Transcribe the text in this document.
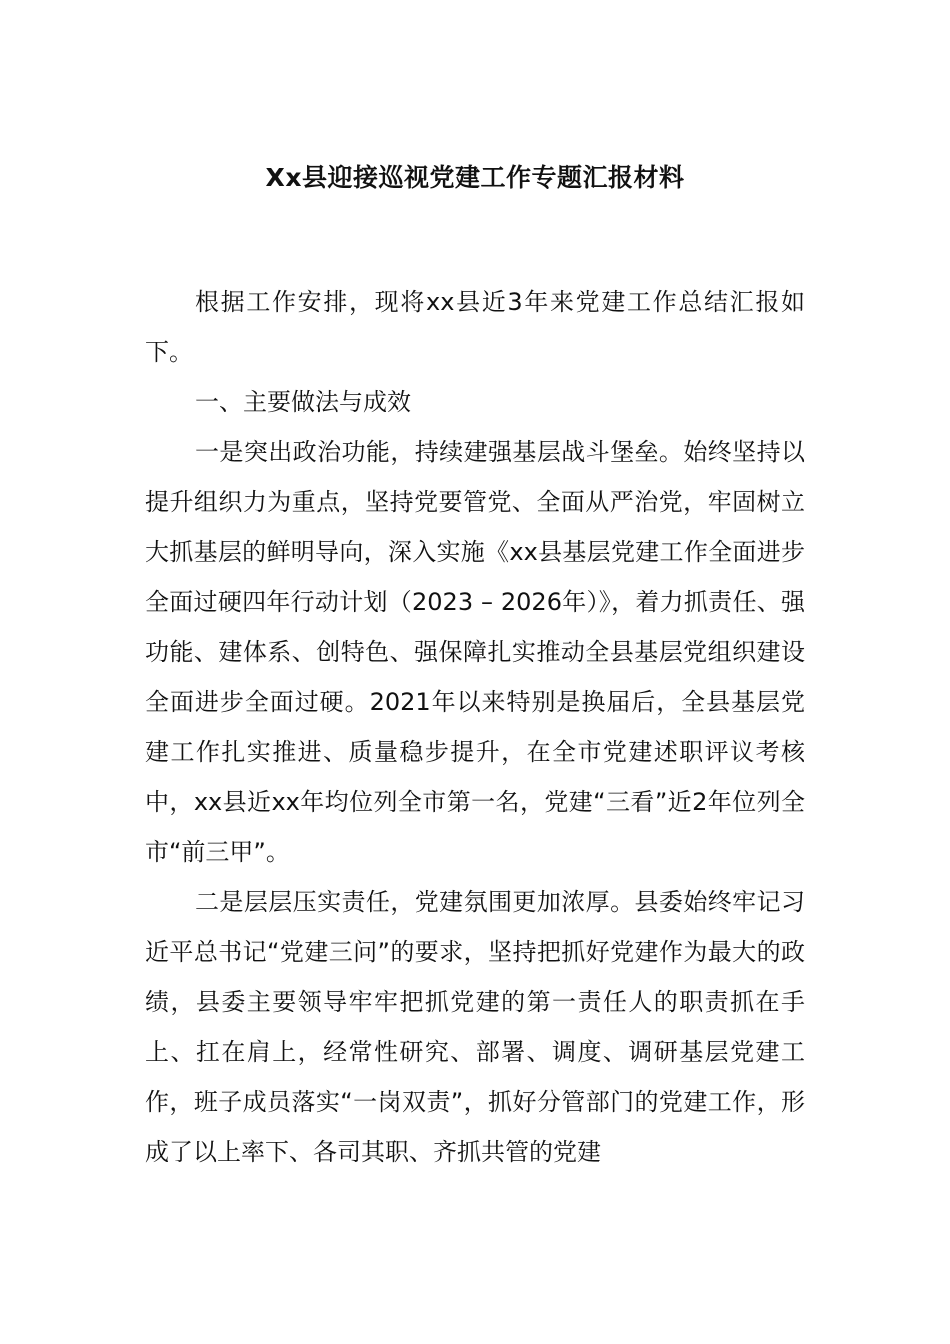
Xx县迎接巡视党建工作专题汇报材料

根据工作安排，现将xx县近3年来党建工作总结汇报如下。

一、主要做法与成效

一是突出政治功能，持续建强基层战斗堡垒。始终坚持以提升组织力为重点，坚持党要管党、全面从严治党，牢固树立大抓基层的鲜明导向，深入实施《xx县基层党建工作全面进步全面过硬四年行动计划（2023 – 2026年）》，着力抓责任、强功能、建体系、创特色、强保障扎实推动全县基层党组织建设全面进步全面过硬。2021年以来特别是换届后，全县基层党建工作扎实推进、质量稳步提升，在全市党建述职评议考核中，xx县近xx年均位列全市第一名，党建“三看”近2年位列全市“前三甲”。

二是层层压实责任，党建氛围更加浓厚。县委始终牢记习近平总书记“党建三问”的要求，坚持把抓好党建作为最大的政绩，县委主要领导牢牢把抓党建的第一责任人的职责抓在手上、扛在肩上，经常性研究、部署、调度、调研基层党建工作，班子成员落实“一岗双责”，抓好分管部门的党建工作，形成了以上率下、各司其职、齐抓共管的党建
